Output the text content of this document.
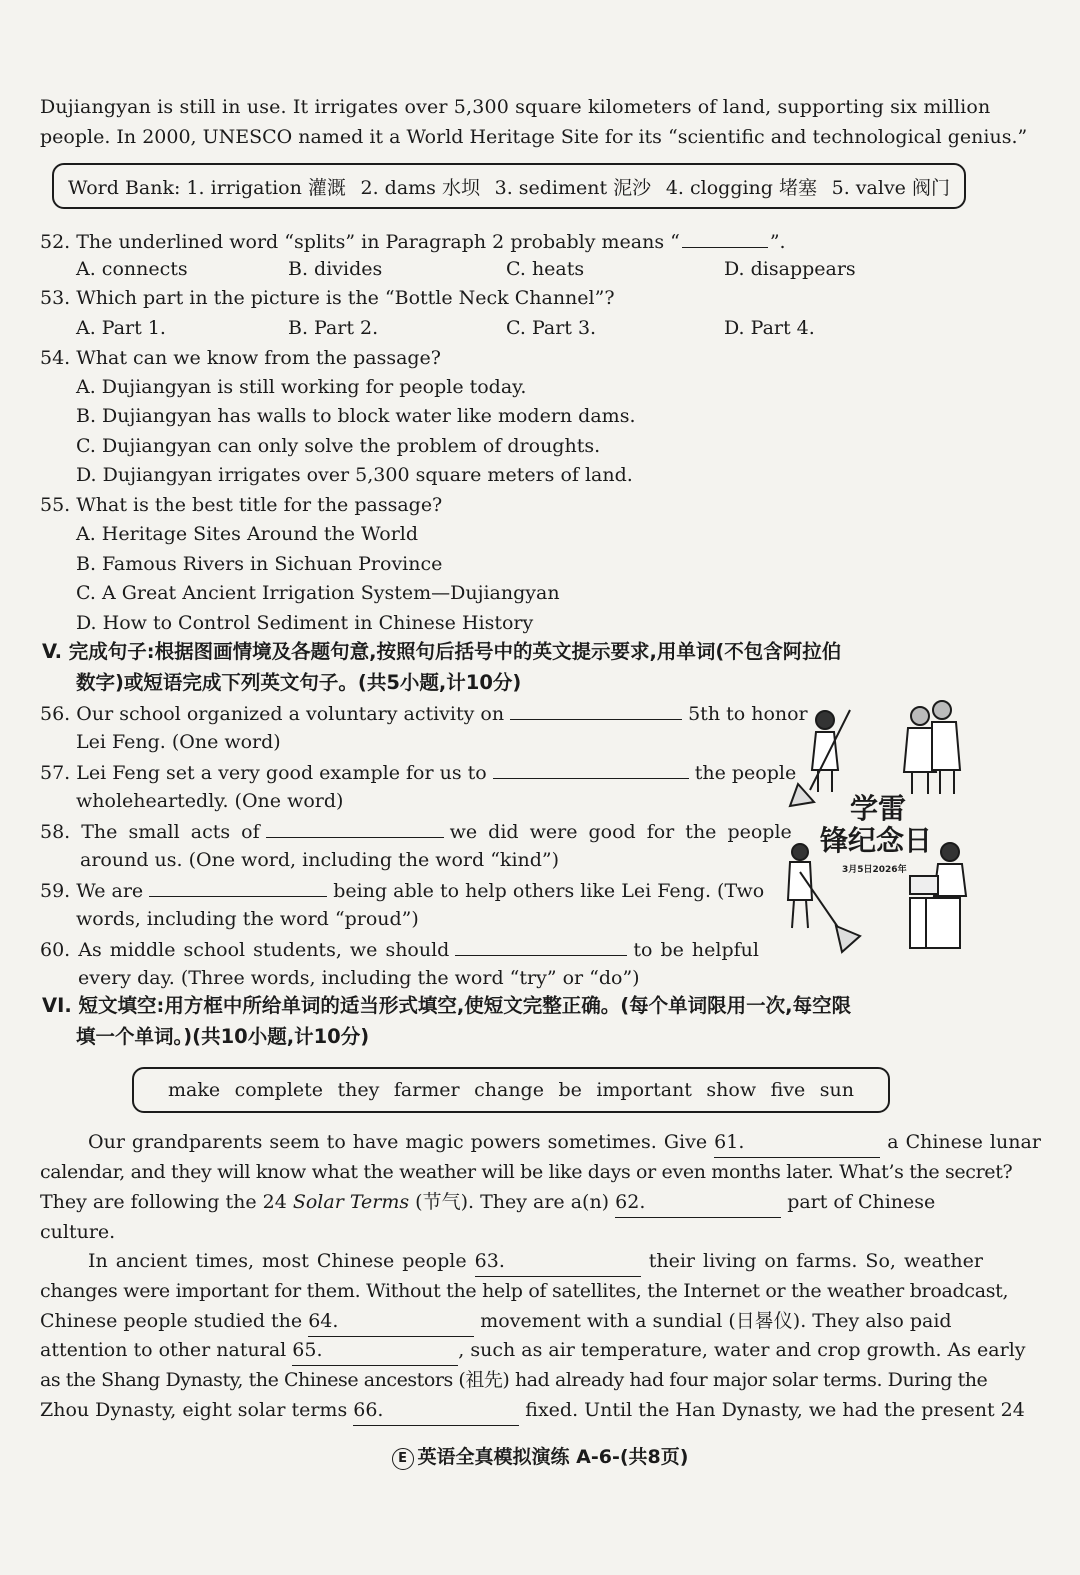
Dujiangyan is still in use. It irrigates over 5,300 square kilometers of land, supporting six million
people. In 2000, UNESCO named it a World Heritage Site for its “scientific and technological genius.”
Word Bank: 1. irrigation 灌溉 2. dams 水坝 3. sediment 泥沙 4. clogging 堵塞 5. valve 阀门
52. The underlined word “splits” in Paragraph 2 probably means “	”.
A. connects	B. divides	C. heats	D. disappears
53. Which part in the picture is the “Bottle Neck Channel”?
A. Part 1.	B. Part 2.	C. Part 3.	D. Part 4.
54. What can we know from the passage?
A. Dujiangyan is still working for people today.
B. Dujiangyan has walls to block water like modern dams.
C. Dujiangyan can only solve the problem of droughts.
D. Dujiangyan irrigates over 5,300 square meters of land.
55. What is the best title for the passage?
A. Heritage Sites Around the World
B. Famous Rivers in Sichuan Province
C. A Great Ancient Irrigation System—Dujiangyan
D. How to Control Sediment in Chinese History
V. 完成句子:根据图画情境及各题句意,按照句后括号中的英文提示要求,用单词(不包含阿拉伯
数字)或短语完成下列英文句子。(共5小题,计10分)
56. Our school organized a voluntary activity on	5th to honor
Lei Feng. (One word)
57. Lei Feng set a very good example for us to	the people
wholeheartedly. (One word)
58. The small acts of	we did were good for the people
around us. (One word, including the word “kind”)
59. We are	being able to help others like Lei Feng. (Two
words, including the word “proud”)
60. As middle school students, we should	to be helpful
every day. (Three words, including the word “try” or “do”)
学雷
锋纪念日
3月5日2026年
VI. 短文填空:用方框中所给单词的适当形式填空,使短文完整正确。(每个单词限用一次,每空限
填一个单词。)(共10小题,计10分)
make complete they farmer change be important show five sun
Our grandparents seem to have magic powers sometimes. Give 61.	a Chinese lunar
calendar, and they will know what the weather will be like days or even months later. What’s the secret?
They are following the 24 Solar Terms (节气). They are a(n) 62.	part of Chinese
culture.
In ancient times, most Chinese people 63.	their living on farms. So, weather
changes were important for them. Without the help of satellites, the Internet or the weather broadcast,
Chinese people studied the 64.	movement with a sundial (日晷仪). They also paid
attention to other natural 65.	, such as air temperature, water and crop growth. As early
as the Shang Dynasty, the Chinese ancestors (祖先) had already had four major solar terms. During the
Zhou Dynasty, eight solar terms 66.	fixed. Until the Han Dynasty, we had the present 24
E 英语全真模拟演练 A-6-(共8页)
